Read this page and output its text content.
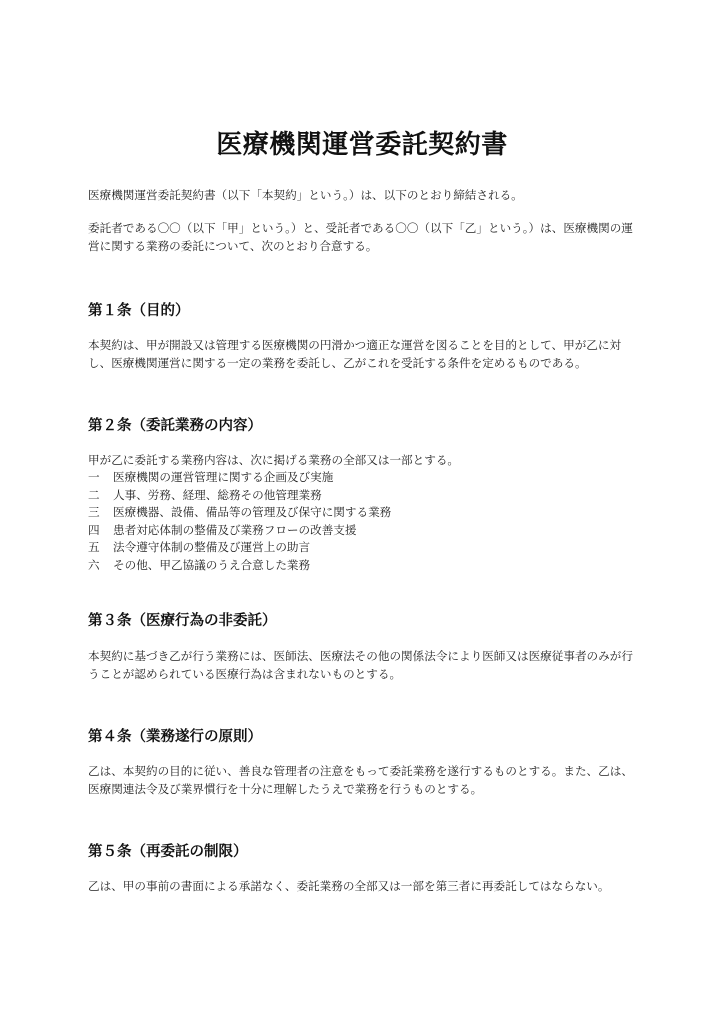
医療機関運営委託契約書

医療機関運営委託契約書（以下「本契約」という。）は、以下のとおり締結される。

委託者である〇〇（以下「甲」という。）と、受託者である〇〇（以下「乙」という。）は、医療機関の運営に関する業務の委託について、次のとおり合意する。

第１条（目的）

本契約は、甲が開設又は管理する医療機関の円滑かつ適正な運営を図ることを目的として、甲が乙に対し、医療機関運営に関する一定の業務を委託し、乙がこれを受託する条件を定めるものである。

第２条（委託業務の内容）

甲が乙に委託する業務内容は、次に掲げる業務の全部又は一部とする。

一	医療機関の運営管理に関する企画及び実施
二	人事、労務、経理、総務その他管理業務
三	医療機器、設備、備品等の管理及び保守に関する業務
四	患者対応体制の整備及び業務フローの改善支援
五	法令遵守体制の整備及び運営上の助言
六	その他、甲乙協議のうえ合意した業務
第３条（医療行為の非委託）

本契約に基づき乙が行う業務には、医師法、医療法その他の関係法令により医師又は医療従事者のみが行うことが認められている医療行為は含まれないものとする。

第４条（業務遂行の原則）

乙は、本契約の目的に従い、善良な管理者の注意をもって委託業務を遂行するものとする。また、乙は、医療関連法令及び業界慣行を十分に理解したうえで業務を行うものとする。

第５条（再委託の制限）

乙は、甲の事前の書面による承諾なく、委託業務の全部又は一部を第三者に再委託してはならない。
